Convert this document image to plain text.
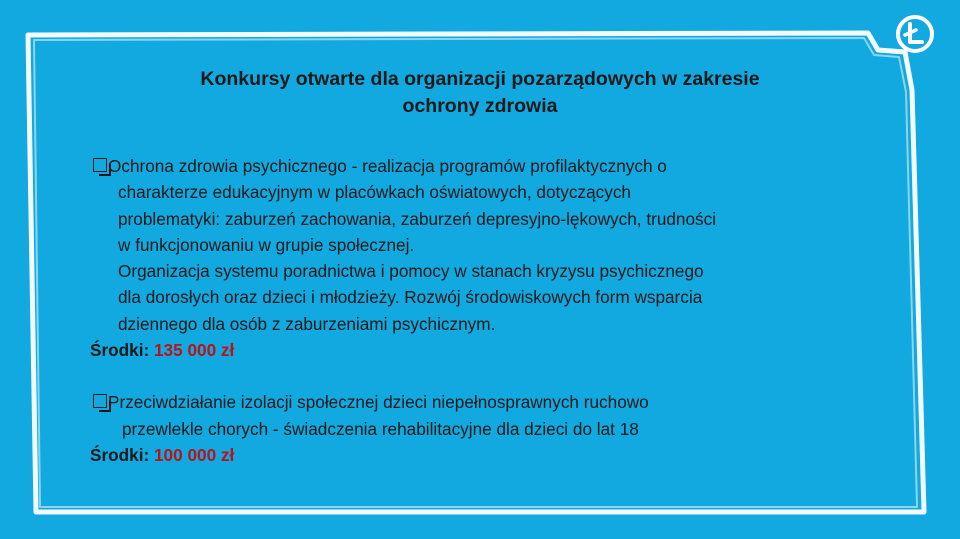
Konkursy otwarte dla organizacji pozarządowych w zakresie
ochrony zdrowia
Ochrona zdrowia psychicznego - realizacja programów profilaktycznych o
charakterze edukacyjnym w placówkach oświatowych, dotyczących
problematyki: zaburzeń zachowania, zaburzeń depresyjno-lękowych, trudności
w funkcjonowaniu w grupie społecznej.
Organizacja systemu poradnictwa i pomocy w stanach kryzysu psychicznego
dla dorosłych oraz dzieci i młodzieży. Rozwój środowiskowych form wsparcia
dziennego dla osób z zaburzeniami psychicznym.
Środki: 135 000 zł
Przeciwdziałanie izolacji społecznej dzieci niepełnosprawnych ruchowo
przewlekle chorych - świadczenia rehabilitacyjne dla dzieci do lat 18
Środki: 100 000 zł
